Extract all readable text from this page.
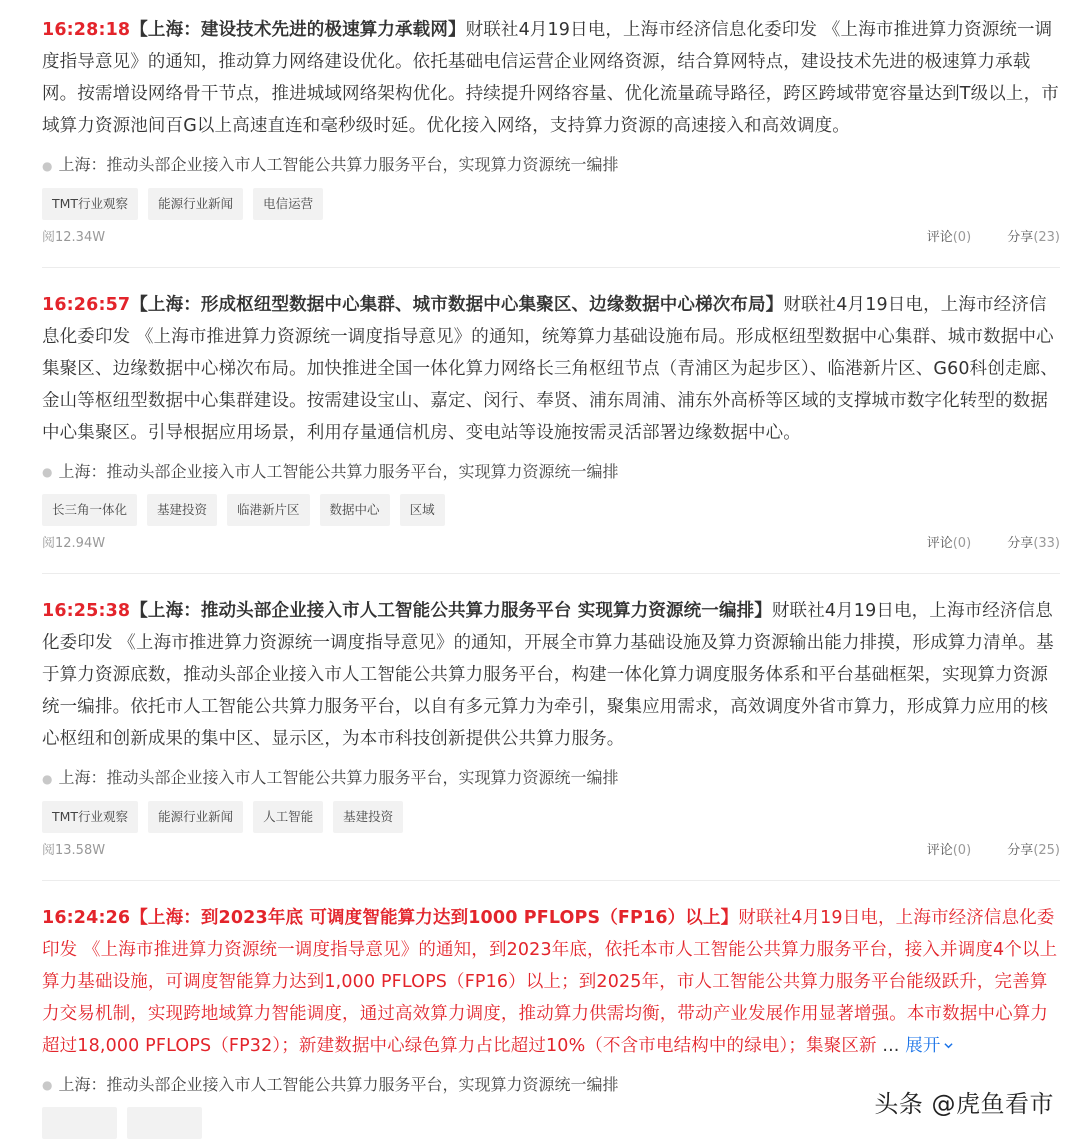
16:28:18【上海：建设技术先进的极速算力承载网】财联社4月19日电，上海市经济信息化委印发 《上海市推进算力资源统一调度指导意见》的通知，推动算力网络建设优化。依托基础电信运营企业网络资源，结合算网特点，建设技术先进的极速算力承载网。按需增设网络骨干节点，推进城域网络架构优化。持续提升网络容量、优化流量疏导路径，跨区跨域带宽容量达到T级以上，市域算力资源池间百G以上高速直连和毫秒级时延。优化接入网络，支持算力资源的高速接入和高效调度。

● 上海：推动头部企业接入市人工智能公共算力服务平台，实现算力资源统一编排
TMT行业观察	能源行业新闻	电信运营
阅12.34W	评论(0)	分享(23)

16:26:57【上海：形成枢纽型数据中心集群、城市数据中心集聚区、边缘数据中心梯次布局】财联社4月19日电，上海市经济信息化委印发 《上海市推进算力资源统一调度指导意见》的通知，统筹算力基础设施布局。形成枢纽型数据中心集群、城市数据中心集聚区、边缘数据中心梯次布局。加快推进全国一体化算力网络长三角枢纽节点（青浦区为起步区）、临港新片区、G60科创走廊、金山等枢纽型数据中心集群建设。按需建设宝山、嘉定、闵行、奉贤、浦东周浦、浦东外高桥等区域的支撑城市数字化转型的数据中心集聚区。引导根据应用场景，利用存量通信机房、变电站等设施按需灵活部署边缘数据中心。

● 上海：推动头部企业接入市人工智能公共算力服务平台，实现算力资源统一编排
长三角一体化	基建投资	临港新片区	数据中心	区域
阅12.94W	评论(0)	分享(33)

16:25:38【上海：推动头部企业接入市人工智能公共算力服务平台 实现算力资源统一编排】财联社4月19日电，上海市经济信息化委印发 《上海市推进算力资源统一调度指导意见》的通知，开展全市算力基础设施及算力资源输出能力排摸，形成算力清单。基于算力资源底数，推动头部企业接入市人工智能公共算力服务平台，构建一体化算力调度服务体系和平台基础框架，实现算力资源统一编排。依托市人工智能公共算力服务平台，以自有多元算力为牵引，聚集应用需求，高效调度外省市算力，形成算力应用的核心枢纽和创新成果的集中区、显示区，为本市科技创新提供公共算力服务。

● 上海：推动头部企业接入市人工智能公共算力服务平台，实现算力资源统一编排
TMT行业观察	能源行业新闻	人工智能	基建投资
阅13.58W	评论(0)	分享(25)

16:24:26【上海：到2023年底 可调度智能算力达到1000 PFLOPS（FP16）以上】财联社4月19日电，上海市经济信息化委印发 《上海市推进算力资源统一调度指导意见》的通知，到2023年底，依托本市人工智能公共算力服务平台，接入并调度4个以上算力基础设施，可调度智能算力达到1,000 PFLOPS（FP16）以上；到2025年，市人工智能公共算力服务平台能级跃升，完善算力交易机制，实现跨地域算力智能调度，通过高效算力调度，推动算力供需均衡，带动产业发展作用显著增强。本市数据中心算力超过18,000 PFLOPS（FP32）；新建数据中心绿色算力占比超过10%（不含市电结构中的绿电）；集聚区新 ... 展开

● 上海：推动头部企业接入市人工智能公共算力服务平台，实现算力资源统一编排
头条 @虎鱼看市
